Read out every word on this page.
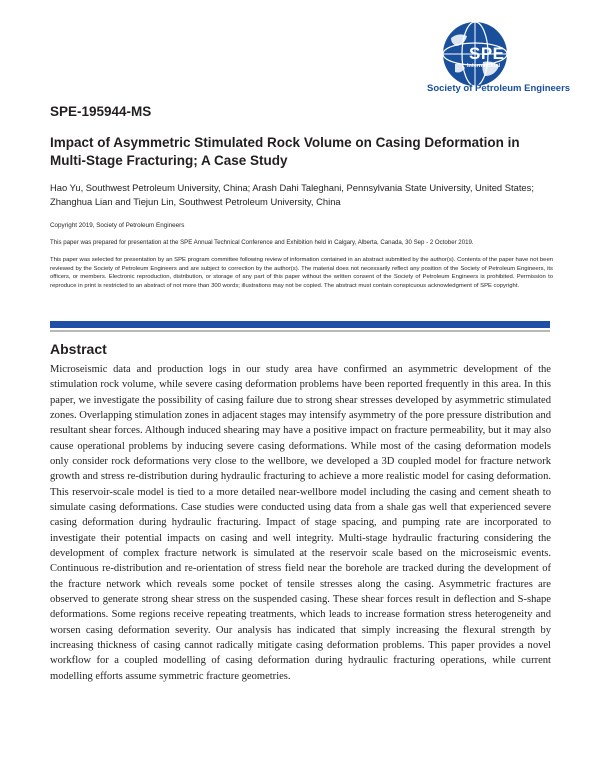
SPE
International
Society of Petroleum Engineers
SPE-195944-MS
Impact of Asymmetric Stimulated Rock Volume on Casing Deformation in Multi-Stage Fracturing; A Case Study
Hao Yu, Southwest Petroleum University, China; Arash Dahi Taleghani, Pennsylvania State University, United States; Zhanghua Lian and Tiejun Lin, Southwest Petroleum University, China
Copyright 2019, Society of Petroleum Engineers
This paper was prepared for presentation at the SPE Annual Technical Conference and Exhibition held in Calgary, Alberta, Canada, 30 Sep - 2 October 2019.
This paper was selected for presentation by an SPE program committee following review of information contained in an abstract submitted by the author(s). Contents of the paper have not been reviewed by the Society of Petroleum Engineers and are subject to correction by the author(s). The material does not necessarily reflect any position of the Society of Petroleum Engineers, its officers, or members. Electronic reproduction, distribution, or storage of any part of this paper without the written consent of the Society of Petroleum Engineers is prohibited. Permission to reproduce in print is restricted to an abstract of not more than 300 words; illustrations may not be copied. The abstract must contain conspicuous acknowledgment of SPE copyright.
Abstract

Microseismic data and production logs in our study area have confirmed an asymmetric development of the stimulation rock volume, while severe casing deformation problems have been reported frequently in this area. In this paper, we investigate the possibility of casing failure due to strong shear stresses developed by asymmetric stimulated zones. Overlapping stimulation zones in adjacent stages may intensify asymmetry of the pore pressure distribution and resultant shear forces. Although induced shearing may have a positive impact on fracture permeability, but it may also cause operational problems by inducing severe casing deformations. While most of the casing deformation models only consider rock deformations very close to the wellbore, we developed a 3D coupled model for fracture network growth and stress re-distribution during hydraulic fracturing to achieve a more realistic model for casing deformation. This reservoir-scale model is tied to a more detailed near-wellbore model including the casing and cement sheath to simulate casing deformations. Case studies were conducted using data from a shale gas well that experienced severe casing deformation during hydraulic fracturing. Impact of stage spacing, and pumping rate are incorporated to investigate their potential impacts on casing and well integrity. Multi-stage hydraulic fracturing considering the development of complex fracture network is simulated at the reservoir scale based on the microseismic events. Continuous re-distribution and re-orientation of stress field near the borehole are tracked during the development of the fracture network which reveals some pocket of tensile stresses along the casing. Asymmetric fractures are observed to generate strong shear stress on the suspended casing. These shear forces result in deflection and S-shape deformations. Some regions receive repeating treatments, which leads to increase formation stress heterogeneity and worsen casing deformation severity. Our analysis has indicated that simply increasing the flexural strength by increasing thickness of casing cannot radically mitigate casing deformation problems. This paper provides a novel workflow for a coupled modelling of casing deformation during hydraulic fracturing operations, while current modelling efforts assume symmetric fracture geometries.
